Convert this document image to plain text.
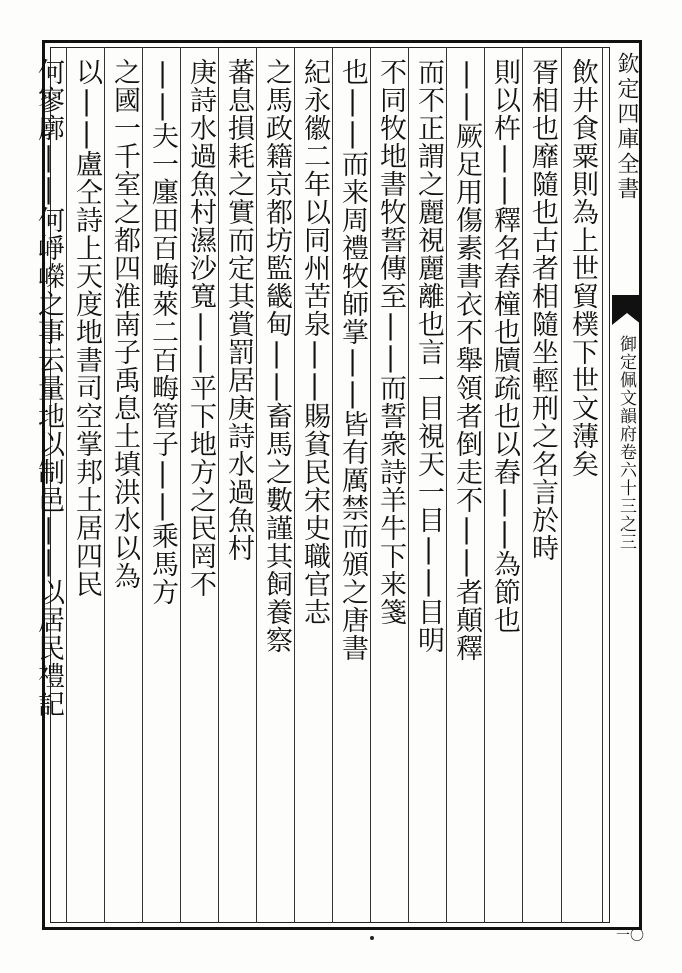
欽定四庫全書
御定佩文韻府卷六十三之三
一〇
飲井食粟則為上世貿樸下世文薄矣
胥相也靡隨也古者相隨坐輕刑之名言於時
則以杵||釋名舂橦也牘疏也以舂||為節也
||厥足用傷素書衣不舉領者倒走不||者顛釋
而不正謂之麗視麗離也言一目視天一目||目明
不同牧地書牧誓傳至||而誓衆詩羊牛下来箋
也||而来周禮牧師掌||皆有厲禁而頒之唐書
紀永徽二年以同州苦泉||賜貧民宋史職官志
之馬政籍京都坊監畿甸||畜馬之數謹其飼養察
蕃息損耗之實而定其賞罰居庚詩水過魚村
庚詩水過魚村濕沙寬||平下地方之民罔不
||夫一廛田百畮萊二百畮管子||乘馬方
之國一千室之都四淮南子禹息土填洪水以為
以||盧仝詩上天度地書司空掌邦土居四民
何寥廓||何崢嶸之事云量地以制邑||以居民禮記
